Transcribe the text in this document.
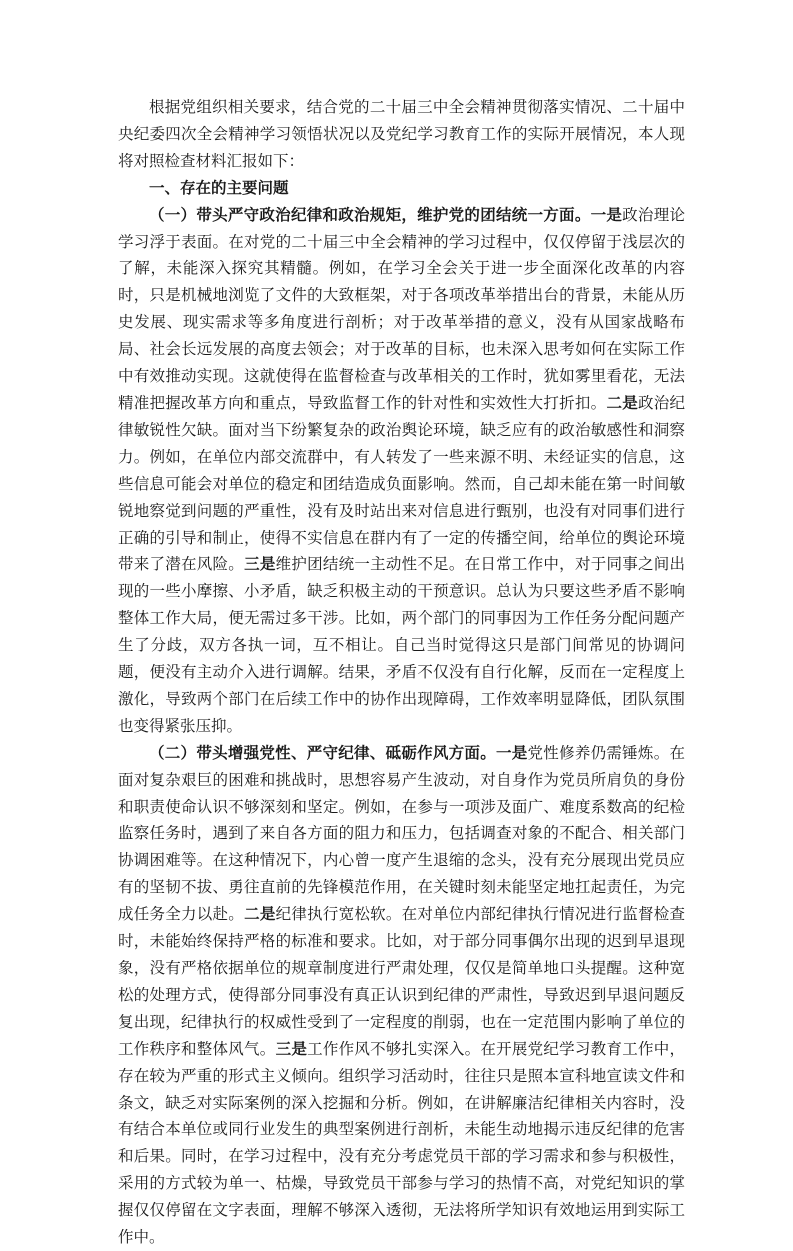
根据党组织相关要求，结合党的二十届三中全会精神贯彻落实情况、二十届中央纪委四次全会精神学习领悟状况以及党纪学习教育工作的实际开展情况，本人现将对照检查材料汇报如下：

一、存在的主要问题

（一）带头严守政治纪律和政治规矩，维护党的团结统一方面。一是政治理论学习浮于表面。在对党的二十届三中全会精神的学习过程中，仅仅停留于浅层次的了解，未能深入探究其精髓。例如，在学习全会关于进一步全面深化改革的内容时，只是机械地浏览了文件的大致框架，对于各项改革举措出台的背景，未能从历史发展、现实需求等多角度进行剖析；对于改革举措的意义，没有从国家战略布局、社会长远发展的高度去领会；对于改革的目标，也未深入思考如何在实际工作中有效推动实现。这就使得在监督检查与改革相关的工作时，犹如雾里看花，无法精准把握改革方向和重点，导致监督工作的针对性和实效性大打折扣。二是政治纪律敏锐性欠缺。面对当下纷繁复杂的政治舆论环境，缺乏应有的政治敏感性和洞察力。例如，在单位内部交流群中，有人转发了一些来源不明、未经证实的信息，这些信息可能会对单位的稳定和团结造成负面影响。然而，自己却未能在第一时间敏锐地察觉到问题的严重性，没有及时站出来对信息进行甄别，也没有对同事们进行正确的引导和制止，使得不实信息在群内有了一定的传播空间，给单位的舆论环境带来了潜在风险。三是维护团结统一主动性不足。在日常工作中，对于同事之间出现的一些小摩擦、小矛盾，缺乏积极主动的干预意识。总认为只要这些矛盾不影响整体工作大局，便无需过多干涉。比如，两个部门的同事因为工作任务分配问题产生了分歧，双方各执一词，互不相让。自己当时觉得这只是部门间常见的协调问题，便没有主动介入进行调解。结果，矛盾不仅没有自行化解，反而在一定程度上激化，导致两个部门在后续工作中的协作出现障碍，工作效率明显降低，团队氛围也变得紧张压抑。

（二）带头增强党性、严守纪律、砥砺作风方面。一是党性修养仍需锤炼。在面对复杂艰巨的困难和挑战时，思想容易产生波动，对自身作为党员所肩负的身份和职责使命认识不够深刻和坚定。例如，在参与一项涉及面广、难度系数高的纪检监察任务时，遇到了来自各方面的阻力和压力，包括调查对象的不配合、相关部门协调困难等。在这种情况下，内心曾一度产生退缩的念头，没有充分展现出党员应有的坚韧不拔、勇往直前的先锋模范作用，在关键时刻未能坚定地扛起责任，为完成任务全力以赴。二是纪律执行宽松软。在对单位内部纪律执行情况进行监督检查时，未能始终保持严格的标准和要求。比如，对于部分同事偶尔出现的迟到早退现象，没有严格依据单位的规章制度进行严肃处理，仅仅是简单地口头提醒。这种宽松的处理方式，使得部分同事没有真正认识到纪律的严肃性，导致迟到早退问题反复出现，纪律执行的权威性受到了一定程度的削弱，也在一定范围内影响了单位的工作秩序和整体风气。三是工作作风不够扎实深入。在开展党纪学习教育工作中，存在较为严重的形式主义倾向。组织学习活动时，往往只是照本宣科地宣读文件和条文，缺乏对实际案例的深入挖掘和分析。例如，在讲解廉洁纪律相关内容时，没有结合本单位或同行业发生的典型案例进行剖析，未能生动地揭示违反纪律的危害和后果。同时，在学习过程中，没有充分考虑党员干部的学习需求和参与积极性，采用的方式较为单一、枯燥，导致党员干部参与学习的热情不高，对党纪知识的掌握仅仅停留在文字表面，理解不够深入透彻，无法将所学知识有效地运用到实际工作中。
